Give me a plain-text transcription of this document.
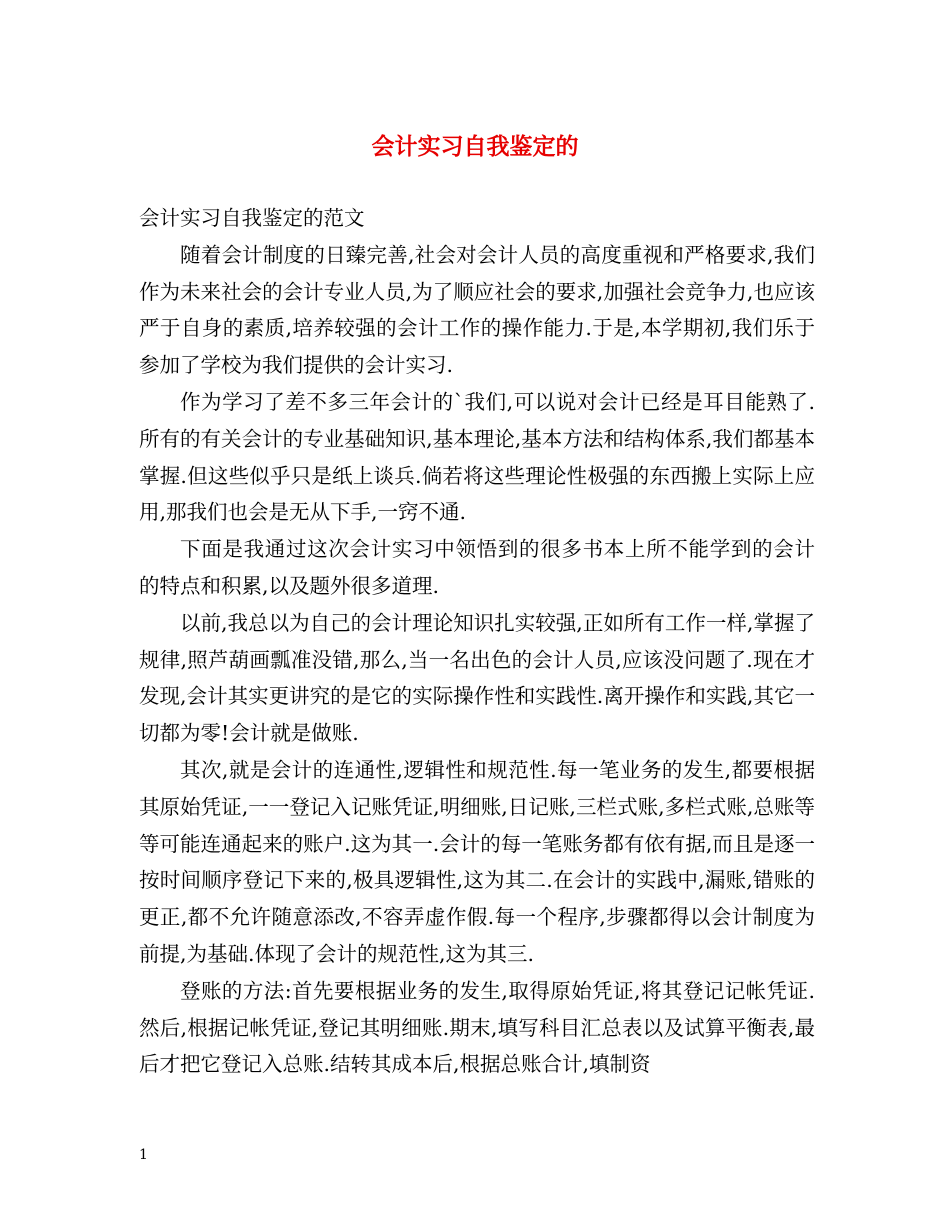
会计实习自我鉴定的

会计实习自我鉴定的范文

随着会计制度的日臻完善,社会对会计人员的高度重视和严格要求,我们作为未来社会的会计专业人员,为了顺应社会的要求,加强社会竞争力,也应该严于自身的素质,培养较强的会计工作的操作能力.于是,本学期初,我们乐于参加了学校为我们提供的会计实习.

作为学习了差不多三年会计的`我们,可以说对会计已经是耳目能熟了.所有的有关会计的专业基础知识,基本理论,基本方法和结构体系,我们都基本掌握.但这些似乎只是纸上谈兵.倘若将这些理论性极强的东西搬上实际上应用,那我们也会是无从下手,一窍不通.

下面是我通过这次会计实习中领悟到的很多书本上所不能学到的会计的特点和积累,以及题外很多道理.

以前,我总以为自己的会计理论知识扎实较强,正如所有工作一样,掌握了规律,照芦葫画瓢准没错,那么,当一名出色的会计人员,应该没问题了.现在才发现,会计其实更讲究的是它的实际操作性和实践性.离开操作和实践,其它一切都为零!会计就是做账.

其次,就是会计的连通性,逻辑性和规范性.每一笔业务的发生,都要根据其原始凭证,一一登记入记账凭证,明细账,日记账,三栏式账,多栏式账,总账等等可能连通起来的账户.这为其一.会计的每一笔账务都有依有据,而且是逐一按时间顺序登记下来的,极具逻辑性,这为其二.在会计的实践中,漏账,错账的更正,都不允许随意添改,不容弄虚作假.每一个程序,步骤都得以会计制度为前提,为基础.体现了会计的规范性,这为其三.

登账的方法:首先要根据业务的发生,取得原始凭证,将其登记记帐凭证.然后,根据记帐凭证,登记其明细账.期末,填写科目汇总表以及试算平衡表,最后才把它登记入总账.结转其成本后,根据总账合计,填制资

1
